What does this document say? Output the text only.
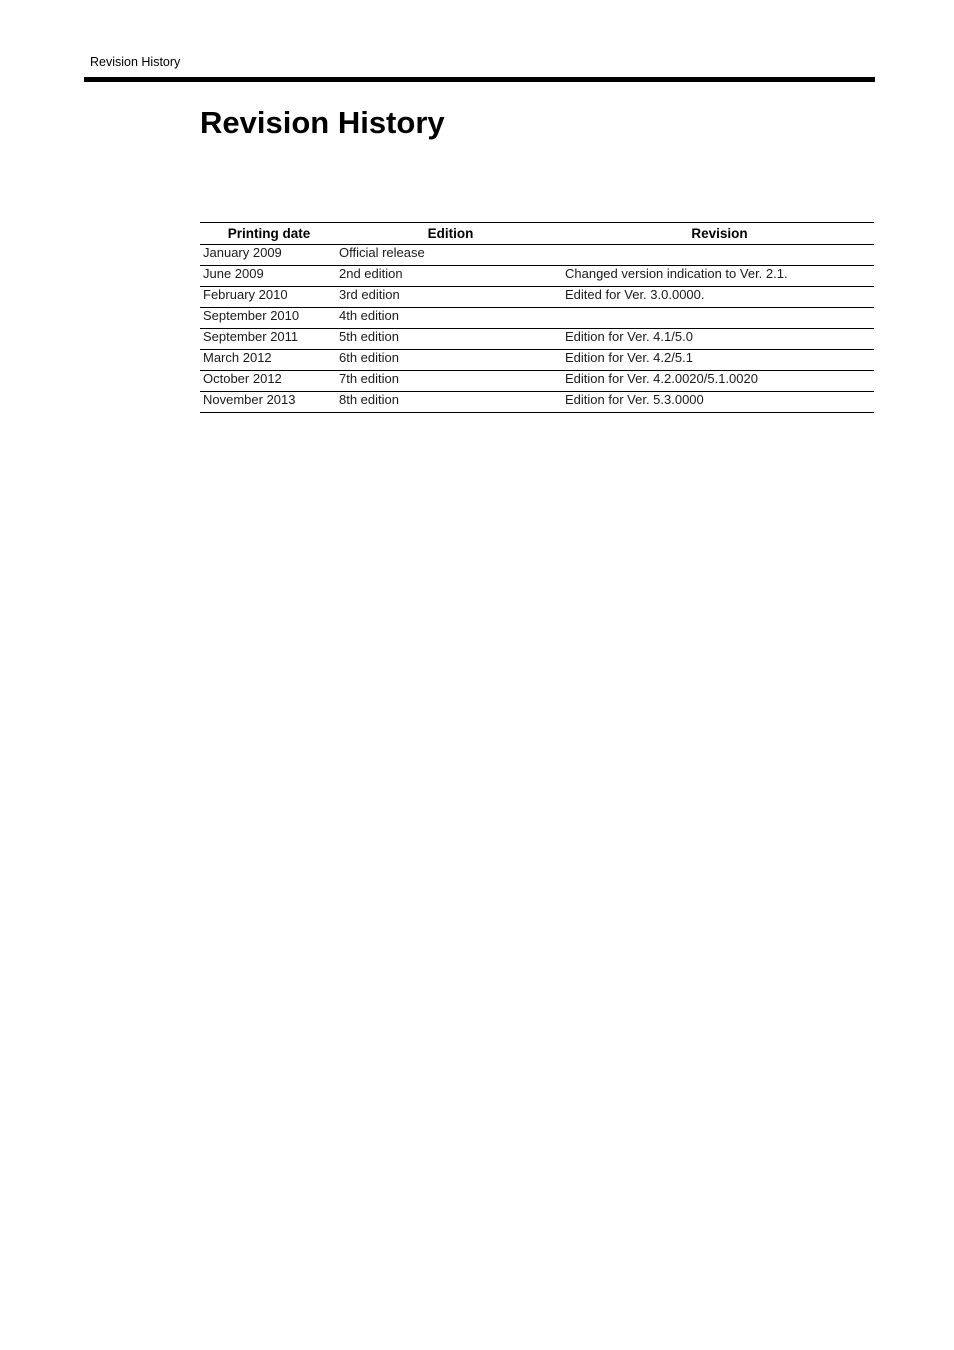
Revision History
Revision History
Printing date	Edition	Revision
January 2009	Official release	
June 2009	2nd edition	Changed version indication to Ver. 2.1.
February 2010	3rd edition	Edited for Ver. 3.0.0000.
September 2010	4th edition	
September 2011	5th edition	Edition for Ver. 4.1/5.0
March 2012	6th edition	Edition for Ver. 4.2/5.1
October 2012	7th edition	Edition for Ver. 4.2.0020/5.1.0020
November 2013	8th edition	Edition for Ver. 5.3.0000
